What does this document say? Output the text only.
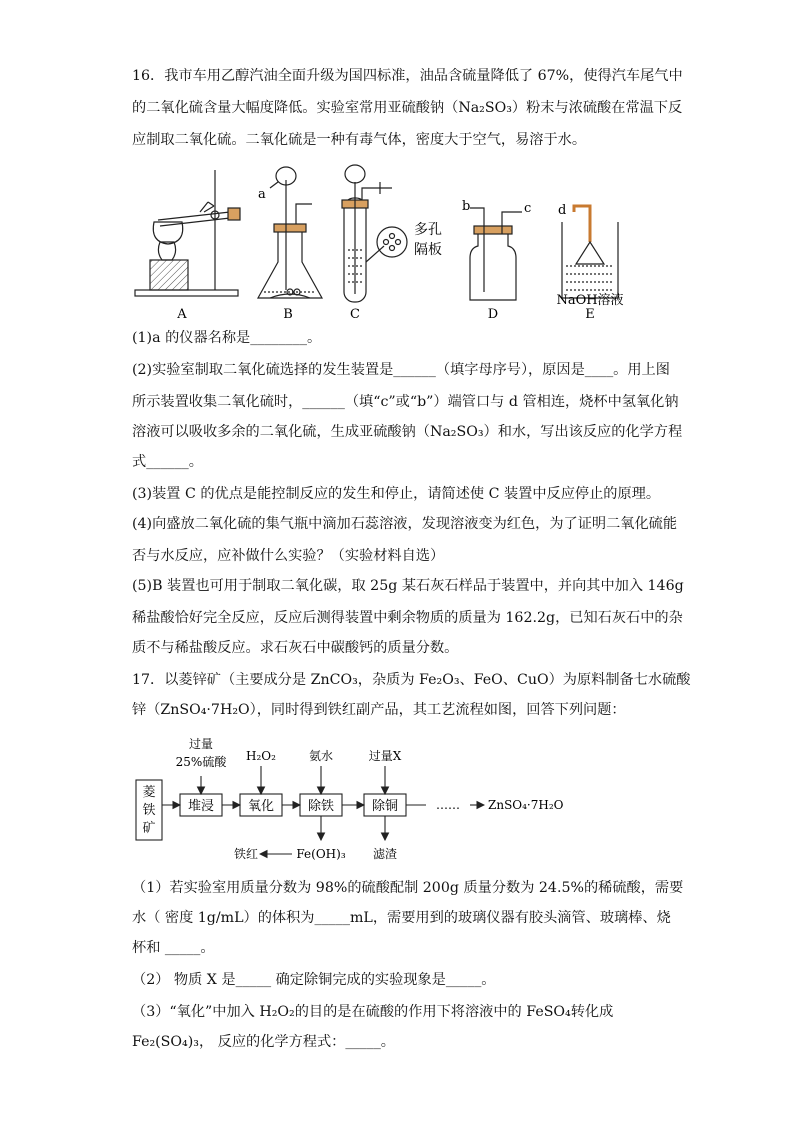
16．我市车用乙醇汽油全面升级为国四标准，油品含硫量降低了 67%，使得汽车尾气中
的二氧化硫含量大幅度降低。实验室常用亚硫酸钠（Na₂SO₃）粉末与浓硫酸在常温下反
应制取二氧化硫。二氧化硫是一种有毒气体，密度大于空气，易溶于水。
A	B	C	D	E
a
b	c d
多孔
隔板
NaOH溶液
(1)a 的仪器名称是________。
(2)实验室制取二氧化硫选择的发生装置是______（填字母序号），原因是____。用上图
所示装置收集二氧化硫时，______（填“c”或“b”）端管口与 d 管相连，烧杯中氢氧化钠
溶液可以吸收多余的二氧化硫，生成亚硫酸钠（Na₂SO₃）和水，写出该反应的化学方程
式______。
(3)装置 C 的优点是能控制反应的发生和停止，请简述使 C 装置中反应停止的原理。
(4)向盛放二氧化硫的集气瓶中滴加石蕊溶液，发现溶液变为红色，为了证明二氧化硫能
否与水反应，应补做什么实验？（实验材料自选）
(5)B 装置也可用于制取二氧化碳，取 25g 某石灰石样品于装置中，并向其中加入 146g
稀盐酸恰好完全反应，反应后测得装置中剩余物质的质量为 162.2g，已知石灰石中的杂
质不与稀盐酸反应。求石灰石中碳酸钙的质量分数。
17．以菱锌矿（主要成分是 ZnCO₃，杂质为 Fe₂O₃、FeO、CuO）为原料制备七水硫酸
锌（ZnSO₄·7H₂O），同时得到铁红副产品，其工艺流程如图，回答下列问题：
菱
铁
矿
堆浸	氧化	除铁	除铜
过量
25%硫酸 H₂O₂	氨水	过量X
…… ZnSO₄·7H₂O
铁红	Fe(OH)₃ 滤渣
（1）若实验室用质量分数为 98%的硫酸配制 200g 质量分数为 24.5%的稀硫酸，需要
水（ 密度 1g/mL）的体积为_____mL，需要用到的玻璃仪器有胶头滴管、玻璃棒、烧
杯和 _____。
（2） 物质 X 是_____ 确定除铜完成的实验现象是_____。
（3）“氧化”中加入 H₂O₂的目的是在硫酸的作用下将溶液中的 FeSO₄转化成
Fe₂(SO₄)₃， 反应的化学方程式：_____。
